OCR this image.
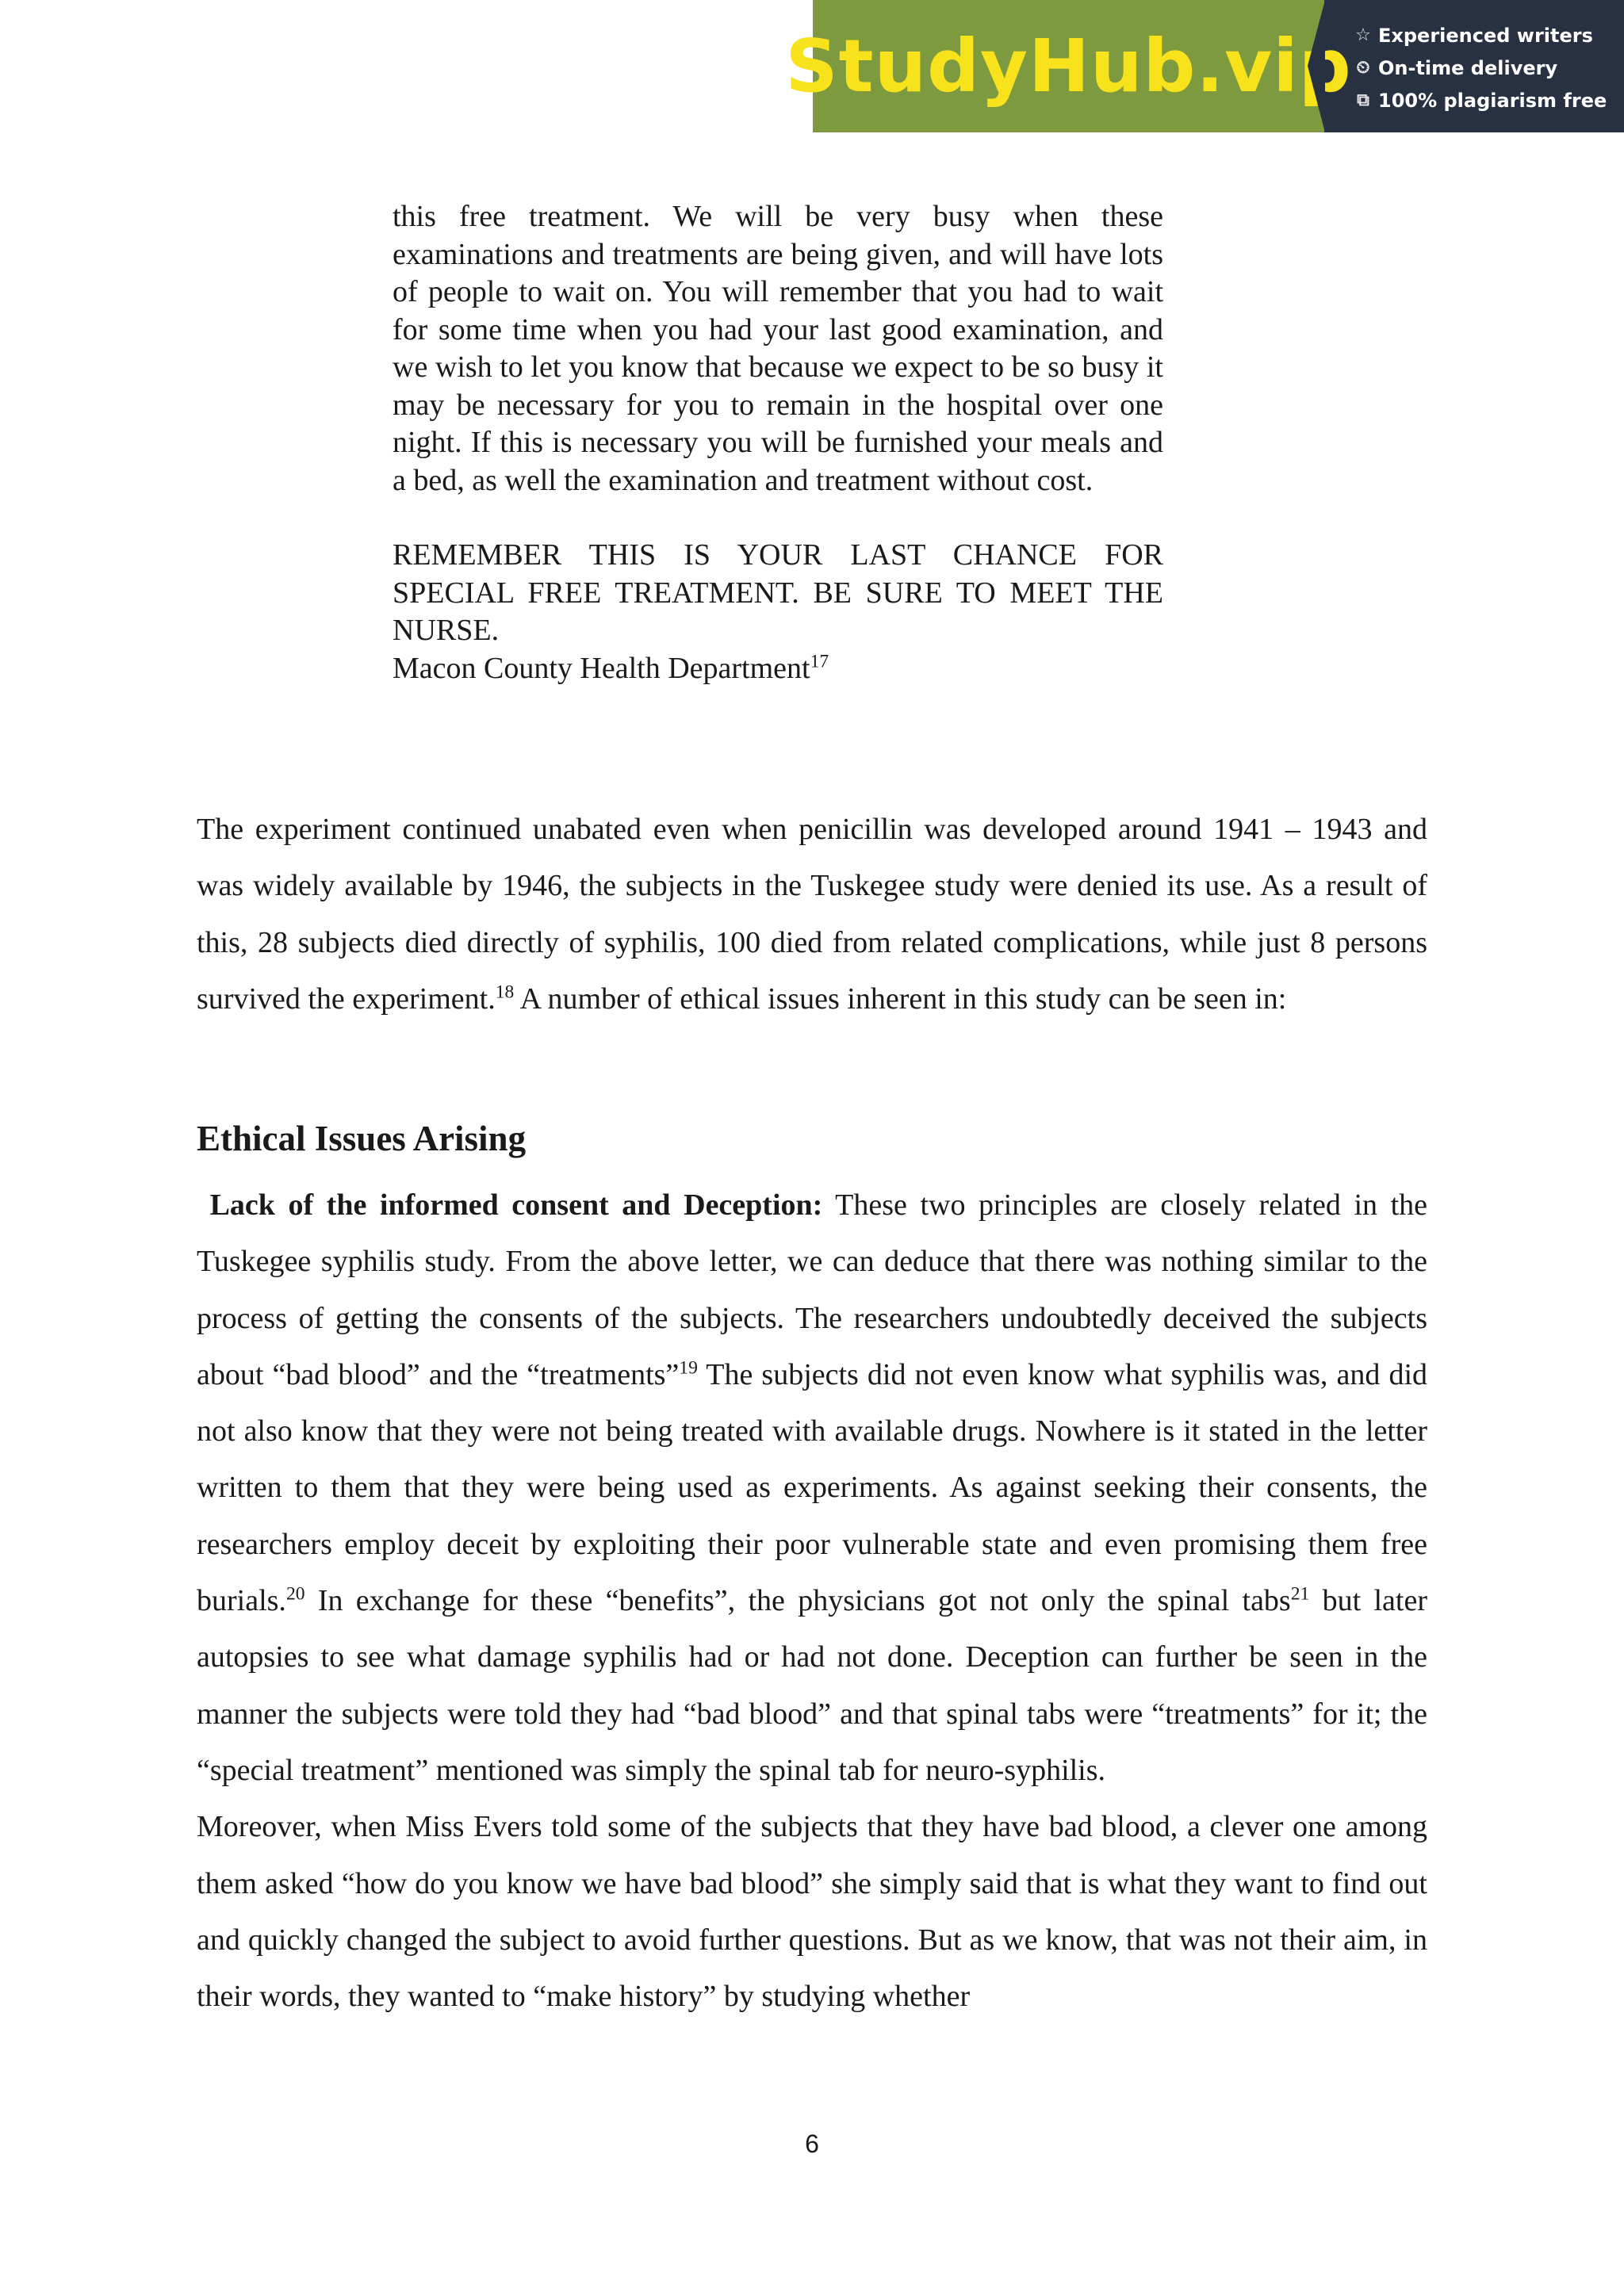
StudyHub.vip ☆ Experienced writers
⏲ On-time delivery
⧉ 100% plagiarism free

this free treatment. We will be very busy when these examinations and treatments are being given, and will have lots of people to wait on. You will remember that you had to wait for some time when you had your last good examination, and we wish to let you know that because we expect to be so busy it may be necessary for you to remain in the hospital over one night. If this is necessary you will be furnished your meals and a bed, as well the examination and treatment without cost.

REMEMBER THIS IS YOUR LAST CHANCE FOR SPECIAL FREE TREATMENT. BE SURE TO MEET THE NURSE.

Macon County Health Department$^{17}$

The experiment continued unabated even when penicillin was developed around 1941 – 1943 and was widely available by 1946, the subjects in the Tuskegee study were denied its use. As a result of this, 28 subjects died directly of syphilis, 100 died from related complications, while just 8 persons survived the experiment.$^{18}$ A number of ethical issues inherent in this study can be seen in:

Ethical Issues Arising

Lack of the informed consent and Deception: These two principles are closely related in the Tuskegee syphilis study. From the above letter, we can deduce that there was nothing similar to the process of getting the consents of the subjects. The researchers undoubtedly deceived the subjects about “bad blood” and the “treatments”$^{19}$ The subjects did not even know what syphilis was, and did not also know that they were not being treated with available drugs. Nowhere is it stated in the letter written to them that they were being used as experiments. As against seeking their consents, the researchers employ deceit by exploiting their poor vulnerable state and even promising them free burials.$^{20}$ In exchange for these “benefits”, the physicians got not only the spinal tabs$^{21}$ but later autopsies to see what damage syphilis had or had not done. Deception can further be seen in the manner the subjects were told they had “bad blood” and that spinal tabs were “treatments” for it; the “special treatment” mentioned was simply the spinal tab for neuro-syphilis.

Moreover, when Miss Evers told some of the subjects that they have bad blood, a clever one among them asked “how do you know we have bad blood” she simply said that is what they want to find out and quickly changed the subject to avoid further questions. But as we know, that was not their aim, in their words, they wanted to “make history” by studying whether

6
